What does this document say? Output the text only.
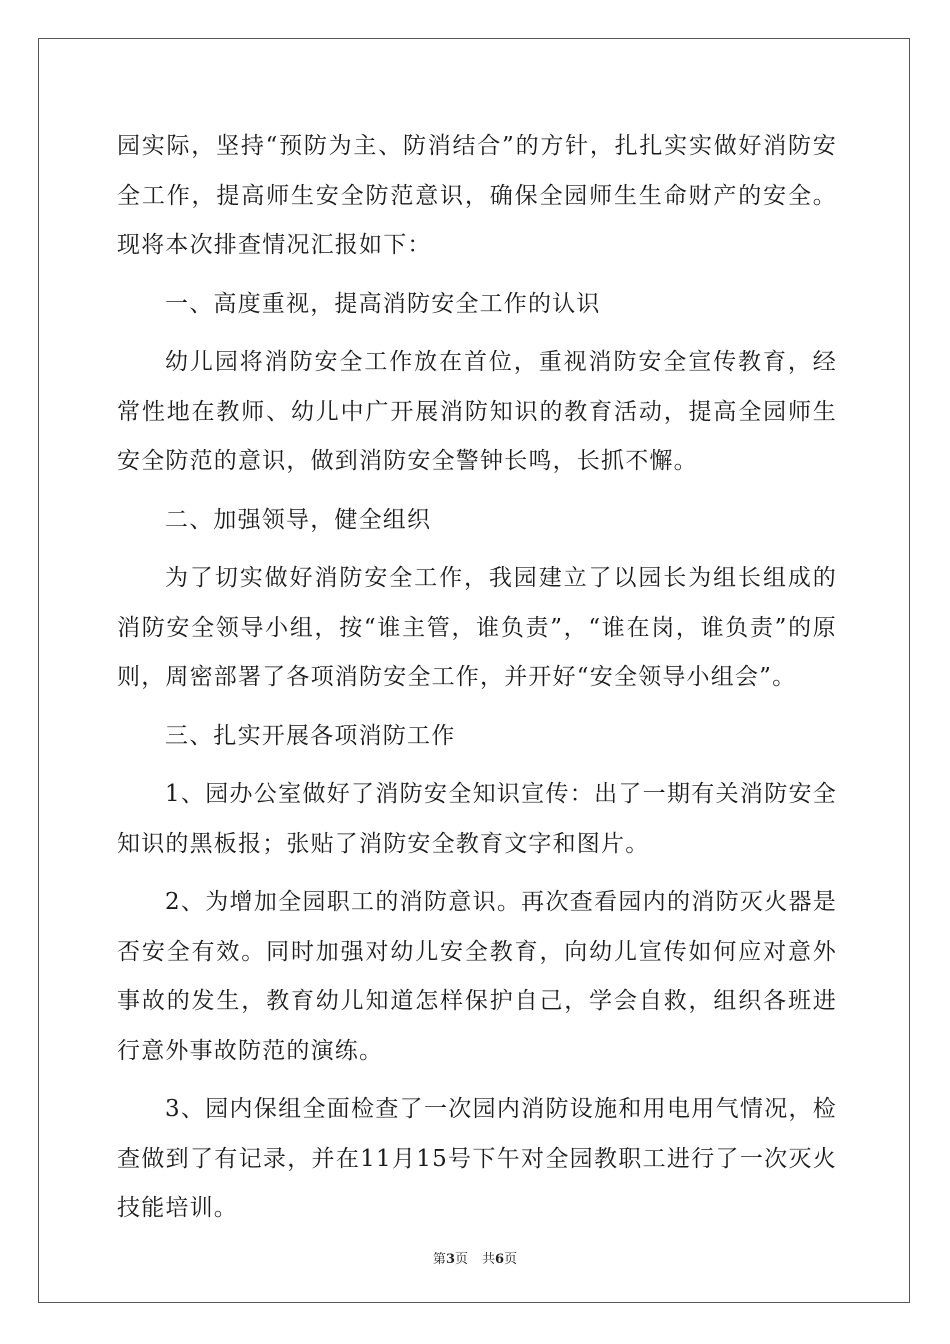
园实际，坚持“预防为主、防消结合”的方针，扎扎实实做好消防安全工作，提高师生安全防范意识，确保全园师生生命财产的安全。现将本次排查情况汇报如下：

一、高度重视，提高消防安全工作的认识

幼儿园将消防安全工作放在首位，重视消防安全宣传教育，经常性地在教师、幼儿中广开展消防知识的教育活动，提高全园师生安全防范的意识，做到消防安全警钟长鸣，长抓不懈。

二、加强领导，健全组织

为了切实做好消防安全工作，我园建立了以园长为组长组成的消防安全领导小组，按“谁主管，谁负责”，“谁在岗，谁负责”的原则，周密部署了各项消防安全工作，并开好“安全领导小组会”。

三、扎实开展各项消防工作

1、园办公室做好了消防安全知识宣传：出了一期有关消防安全知识的黑板报；张贴了消防安全教育文字和图片。

2、为增加全园职工的消防意识。再次查看园内的消防灭火器是否安全有效。同时加强对幼儿安全教育，向幼儿宣传如何应对意外事故的发生，教育幼儿知道怎样保护自己，学会自救，组织各班进行意外事故防范的演练。

3、园内保组全面检查了一次园内消防设施和用电用气情况，检查做到了有记录，并在11月15号下午对全园教职工进行了一次灭火技能培训。

第3页 共6页
